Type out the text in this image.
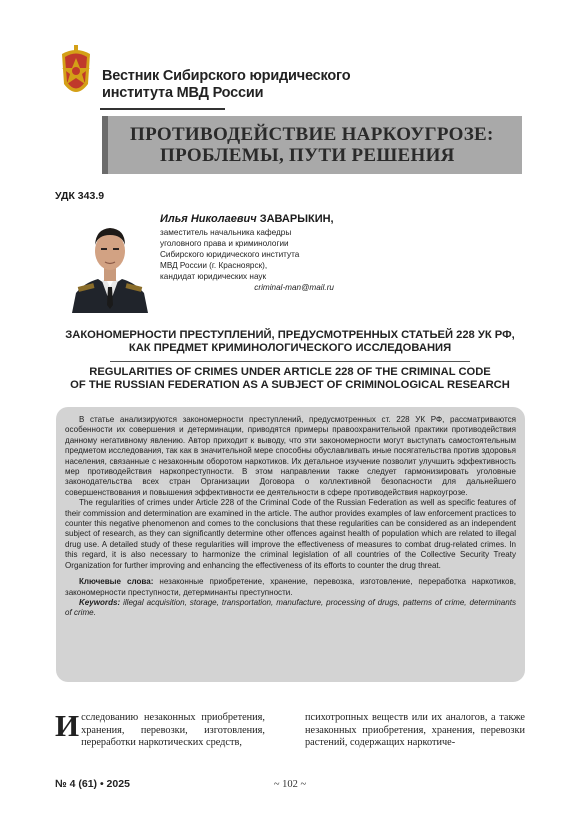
Вестник Сибирского юридического
института МВД России
ПРОТИВОДЕЙСТВИЕ НАРКОУГРОЗЕ:
ПРОБЛЕМЫ, ПУТИ РЕШЕНИЯ
УДК 343.9
Илья Николаевич ЗАВАРЫКИН,
заместитель начальника кафедры
уголовного права и криминологии
Сибирского юридического института
МВД России (г. Красноярск),
кандидат юридических наук
criminal-man@mail.ru
ЗАКОНОМЕРНОСТИ ПРЕСТУПЛЕНИЙ, ПРЕДУСМОТРЕННЫХ СТАТЬЕЙ 228 УК РФ,
КАК ПРЕДМЕТ КРИМИНОЛОГИЧЕСКОГО ИССЛЕДОВАНИЯ
REGULARITIES OF CRIMES UNDER ARTICLE 228 OF THE CRIMINAL CODE
OF THE RUSSIAN FEDERATION AS A SUBJECT OF CRIMINOLOGICAL RESEARCH

В статье анализируются закономерности преступлений, предусмотренных ст. 228 УК РФ, рассматриваются особенности их совершения и детерминации, приводятся примеры правоохранительной практики противодействия данному негативному явлению. Автор приходит к выводу, что эти закономерности могут выступать самостоятельным предметом исследования, так как в значительной мере способны обуславливать иные посягательства против здоровья населения, связанные с незаконным оборотом наркотиков. Их детальное изучение позволит улучшить эффективность мер противодействия наркопреступности. В этом направлении также следует гармонизировать уголовные законодательства всех стран Организации Договора о коллективной безопасности для дальнейшего совершенствования и повышения эффективности ее деятельности в сфере противодействия наркоугрозе.

The regularities of crimes under Article 228 of the Criminal Code of the Russian Federation as well as specific features of their commission and determination are examined in the article. The author provides examples of law enforcement practices to counter this negative phenomenon and comes to the conclusions that these regularities can be considered as an independent subject of research, as they can significantly determine other offences against health of population which are related to illegal drug use. A detailed study of these regularities will improve the effectiveness of measures to combat drug-related crimes. In this regard, it is also necessary to harmonize the criminal legislation of all countries of the Collective Security Treaty Organization for further improving and enhancing the effectiveness of its efforts to counter the drug threat.

Ключевые слова: незаконные приобретение, хранение, перевозка, изготовление, переработка наркотиков, закономерности преступности, детерминанты преступности.

Keywords: illegal acquisition, storage, transportation, manufacture, processing of drugs, patterns of crime, determinants of crime.

Исследованию незаконных приобретения, хранения, перевозки, изготовления, переработки наркотических средств,
психотропных веществ или их аналогов, а также незаконных приобретения, хранения, перевозки растений, содержащих наркотиче-
№ 4 (61) • 2025	~ 102 ~
